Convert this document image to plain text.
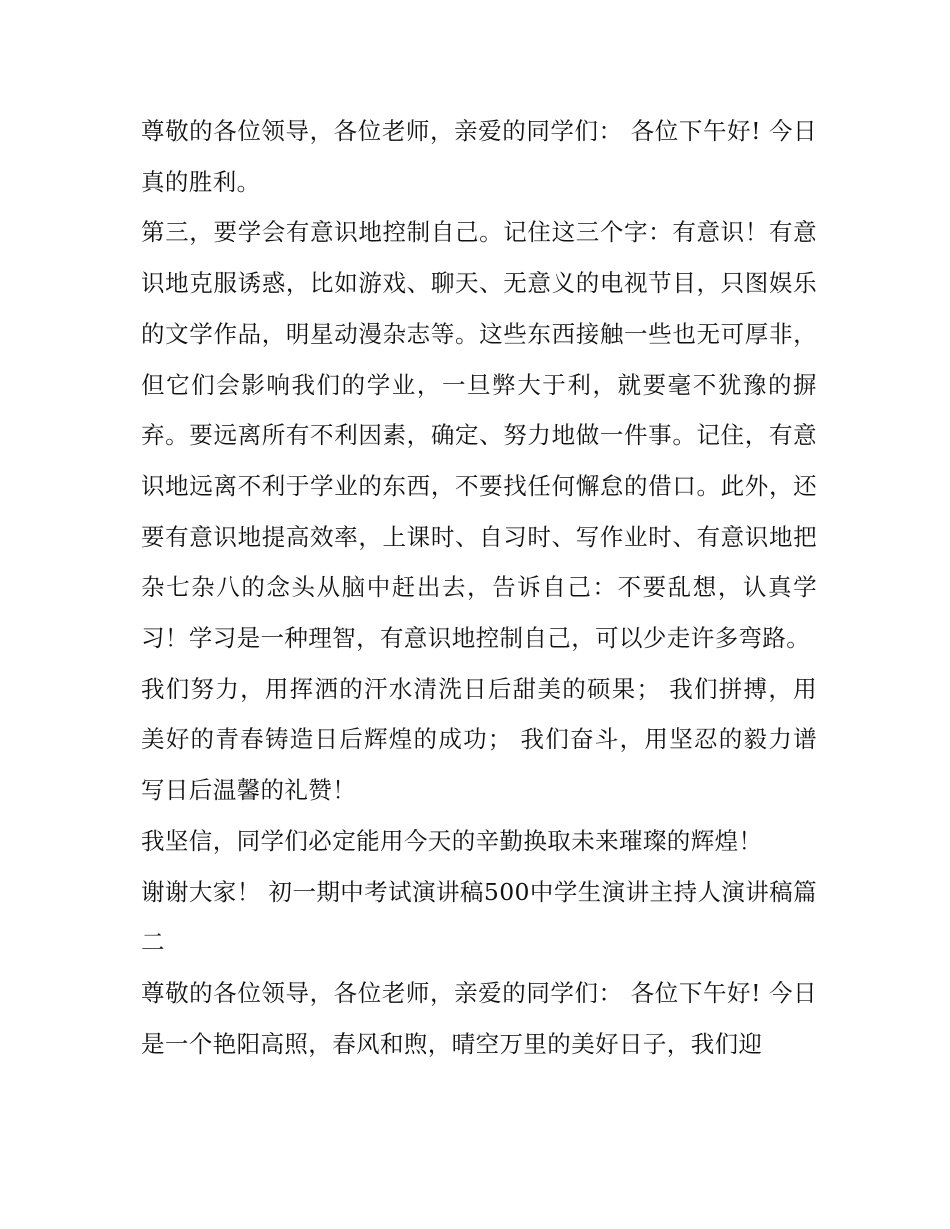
尊敬的各位领导，各位老师，亲爱的同学们： 各位下午好! 今日真的胜利。

第三，要学会有意识地控制自己。记住这三个字：有意识！有意识地克服诱惑，比如游戏、聊天、无意义的电视节目，只图娱乐的文学作品，明星动漫杂志等。这些东西接触一些也无可厚非，但它们会影响我们的学业，一旦弊大于利，就要毫不犹豫的摒弃。要远离所有不利因素，确定、努力地做一件事。记住，有意识地远离不利于学业的东西，不要找任何懈怠的借口。此外，还要有意识地提高效率，上课时、自习时、写作业时、有意识地把杂七杂八的念头从脑中赶出去，告诉自己：不要乱想，认真学习！学习是一种理智，有意识地控制自己，可以少走许多弯路。

我们努力，用挥洒的汗水清洗日后甜美的硕果； 我们拼搏，用美好的青春铸造日后辉煌的成功； 我们奋斗，用坚忍的毅力谱写日后温馨的礼赞！

我坚信，同学们必定能用今天的辛勤换取未来璀璨的辉煌！

谢谢大家！ 初一期中考试演讲稿500中学生演讲主持人演讲稿篇二

尊敬的各位领导，各位老师，亲爱的同学们： 各位下午好! 今日是一个艳阳高照，春风和煦，晴空万里的美好日子，我们迎
